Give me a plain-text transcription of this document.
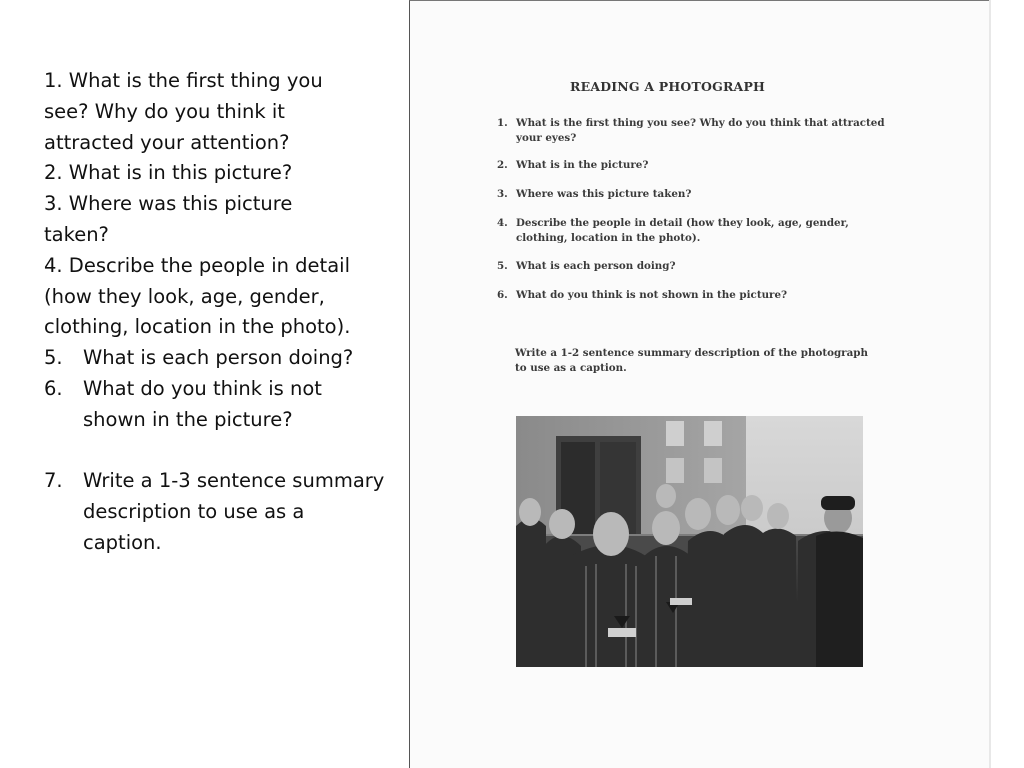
1. What is the first thing you
see? Why do you think it
attracted your attention?
2. What is in this picture?
3. Where was this picture
taken?
4. Describe the people in detail
(how they look, age, gender,
clothing, location in the photo).
5.	What is each person doing?
6.	What do you think is not shown in the picture?
7.	Write a 1-3 sentence summary description to use as a caption.
READING A PHOTOGRAPH
1. What is the first thing you see? Why do you think that attracted your eyes?
2. What is in the picture?
3. Where was this picture taken?
4. Describe the people in detail (how they look, age, gender, clothing, location in the photo).
5. What is each person doing?
6. What do you think is not shown in the picture?
Write a 1-2 sentence summary description of the photograph to use as a caption.
